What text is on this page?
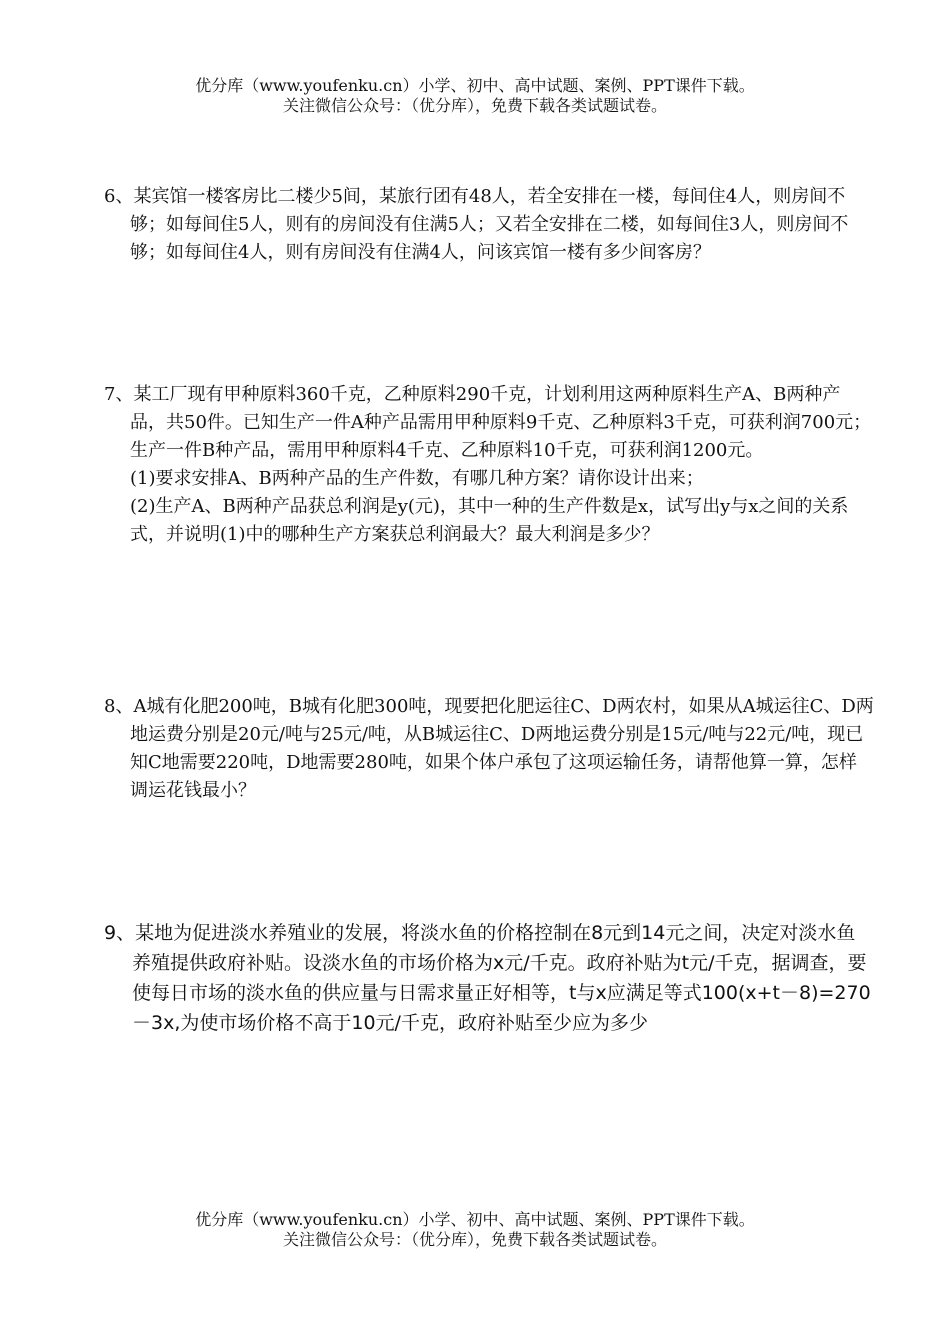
优分库（www.youfenku.cn）小学、初中、高中试题、案例、PPT课件下载。
关注微信公众号：（优分库），免费下载各类试题试卷。

6、某宾馆一楼客房比二楼少5间，某旅行团有48人，若全安排在一楼，每间住4人，则房间不够；如每间住5人，则有的房间没有住满5人；又若全安排在二楼，如每间住3人，则房间不够；如每间住4人，则有房间没有住满4人，问该宾馆一楼有多少间客房？

7、某工厂现有甲种原料360千克，乙种原料290千克，计划利用这两种原料生产A、B两种产品，共50件。已知生产一件A种产品需用甲种原料9千克、乙种原料3千克，可获利润700元；生产一件B种产品，需用甲种原料4千克、乙种原料10千克，可获利润1200元。

(1)要求安排A、B两种产品的生产件数，有哪几种方案？请你设计出来；

(2)生产A、B两种产品获总利润是y(元)，其中一种的生产件数是x，试写出y与x之间的关系式，并说明(1)中的哪种生产方案获总利润最大？最大利润是多少？

8、A城有化肥200吨，B城有化肥300吨，现要把化肥运往C、D两农村，如果从A城运往C、D两地运费分别是20元/吨与25元/吨，从B城运往C、D两地运费分别是15元/吨与22元/吨，现已知C地需要220吨，D地需要280吨，如果个体户承包了这项运输任务，请帮他算一算，怎样调运花钱最小？

9、某地为促进淡水养殖业的发展，将淡水鱼的价格控制在8元到14元之间，决定对淡水鱼养殖提供政府补贴。设淡水鱼的市场价格为x元/千克。政府补贴为t元/千克，据调查，要使每日市场的淡水鱼的供应量与日需求量正好相等，t与x应满足等式100(x+t－8)=270－3x,为使市场价格不高于10元/千克，政府补贴至少应为多少

优分库（www.youfenku.cn）小学、初中、高中试题、案例、PPT课件下载。
关注微信公众号：（优分库），免费下载各类试题试卷。
